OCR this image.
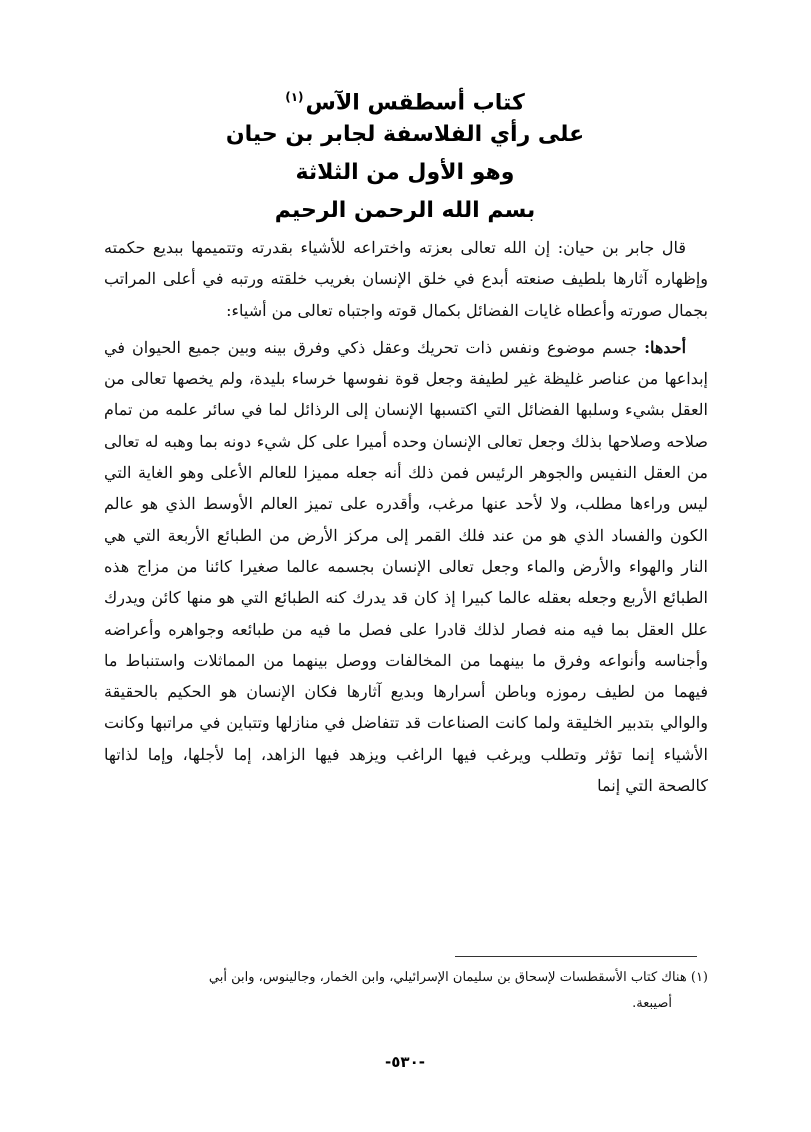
كتاب أسطقس الآس$^{(١)}$
على رأي الفلاسفة لجابر بن حيان
وهو الأول من الثلاثة
بسم الله الرحمن الرحيم

قال جابر بن حيان: إن الله تعالى بعزته واختراعه للأشياء بقدرته وتتميمها ببديع حكمته وإظهاره آثارها بلطيف صنعته أبدع في خلق الإنسان بغريب خلقته ورتبه في أعلى المراتب بجمال صورته وأعطاه غايات الفضائل بكمال قوته واجتباه تعالى من أشياء:

أحدها: جسم موضوع ونفس ذات تحريك وعقل ذكي وفرق بينه وبين جميع الحيوان في إبداعها من عناصر غليظة غير لطيفة وجعل قوة نفوسها خرساء بليدة، ولم يخصها تعالى من العقل بشيء وسلبها الفضائل التي اكتسبها الإنسان إلى الرذائل لما في سائر علمه من تمام صلاحه وصلاحها بذلك وجعل تعالى الإنسان وحده أميرا على كل شيء دونه بما وهبه له تعالى من العقل النفيس والجوهر الرئيس فمن ذلك أنه جعله مميزا للعالم الأعلى وهو الغاية التي ليس وراءها مطلب، ولا لأحد عنها مرغب، وأقدره على تميز العالم الأوسط الذي هو عالم الكون والفساد الذي هو من عند فلك القمر إلى مركز الأرض من الطبائع الأربعة التي هي النار والهواء والأرض والماء وجعل تعالى الإنسان بجسمه عالما صغيرا كائنا من مزاج هذه الطبائع الأربع وجعله بعقله عالما كبيرا إذ كان قد يدرك كنه الطبائع التي هو منها كائن ويدرك علل العقل بما فيه منه فصار لذلك قادرا على فصل ما فيه من طبائعه وجواهره وأعراضه وأجناسه وأنواعه وفرق ما بينهما من المخالفات ووصل بينهما من المماثلات واستنباط ما فيهما من لطيف رموزه وباطن أسرارها وبديع آثارها فكان الإنسان هو الحكيم بالحقيقة والوالي بتدبير الخليقة ولما كانت الصناعات قد تتفاضل في منازلها وتتباين في مراتبها وكانت الأشياء إنما تؤثر وتطلب ويرغب فيها الراغب ويزهد فيها الزاهد، إما لأجلها، وإما لذاتها كالصحة التي إنما

(١) هناك كتاب الأسقطسات لإسحاق بن سليمان الإسرائيلي، وابن الخمار، وجالينوس، وابن أبي
أصيبعة.
-٥٣٠-
